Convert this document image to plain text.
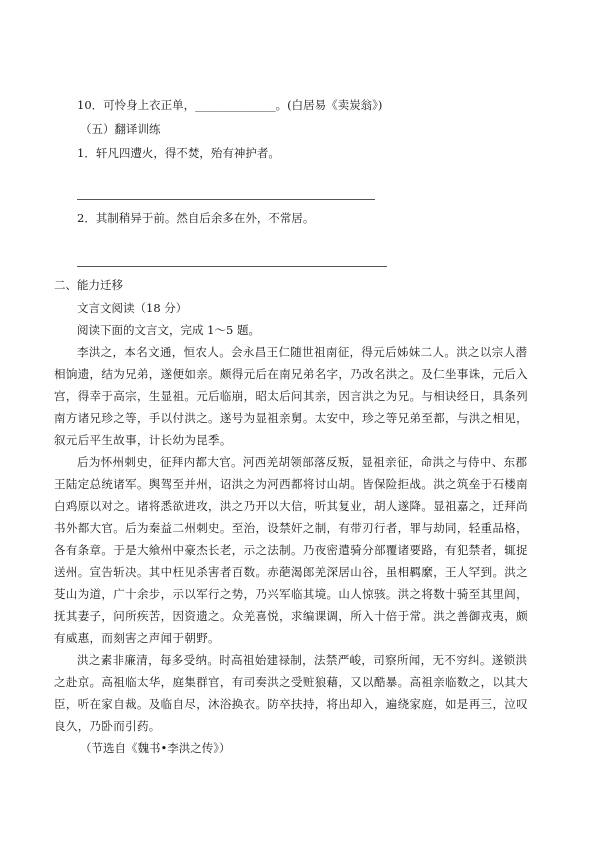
10．可怜身上衣正单，______________。(白居易《卖炭翁》)
（五）翻译训练
1．轩凡四遭火，得不焚，殆有神护者。
2．其制稍异于前。然自后余多在外，不常居。
二、能力迁移
文言文阅读（18 分）
阅读下面的文言文，完成 1～5 题。
李洪之，本名文通，恒农人。会永昌王仁随世祖南征，得元后姊妹二人。洪之以宗人潜
相饷遗，结为兄弟，遂便如亲。颇得元后在南兄弟名字，乃改名洪之。及仁坐事诛，元后入
宫，得幸于高宗，生显祖。元后临崩，昭太后问其亲，因言洪之为兄。与相诀经日，具条列
南方诸兄珍之等，手以付洪之。遂号为显祖亲舅。太安中，珍之等兄弟至都，与洪之相见，
叙元后平生故事，计长幼为昆季。
后为怀州刺史，征拜内都大官。河西羌胡领部落反叛，显祖亲征，命洪之与侍中、东郡
王陆定总统诸军。舆驾至并州，诏洪之为河西都将讨山胡。皆保险拒战。洪之筑垒于石楼南
白鸡原以对之。诸将悉欲进攻，洪之乃开以大信，听其复业，胡人遂降。显祖嘉之，迁拜尚
书外都大官。后为秦益二州刺史。至治，设禁奸之制，有带刃行者，罪与劫同，轻重品格，
各有条章。于是大飨州中豪杰长老，示之法制。乃夜密遣骑分部覆诸要路，有犯禁者，辄捉
送州。宣告斩决。其中枉见杀害者百数。赤葩渴郎羌深居山谷，虽相羁縻，王人罕到。洪之
芟山为道，广十余步，示以军行之势，乃兴军临其境。山人惊骇。洪之将数十骑至其里闾，
抚其妻子，问所疾苦，因资遗之。众羌喜悦，求编课调，所入十倍于常。洪之善御戎夷，颇
有威惠，而刻害之声闻于朝野。
洪之素非廉清，每多受纳。时高祖始建禄制，法禁严峻，司察所闻，无不穷纠。遂锁洪
之赴京。高祖临太华，庭集群官，有司奏洪之受赃狼藉，又以酷暴。高祖亲临数之，以其大
臣，听在家自裁。及临自尽，沐浴换衣。防卒扶持，将出却入，遍绕家庭，如是再三，泣叹
良久，乃卧而引药。
（节选自《魏书•李洪之传》）
